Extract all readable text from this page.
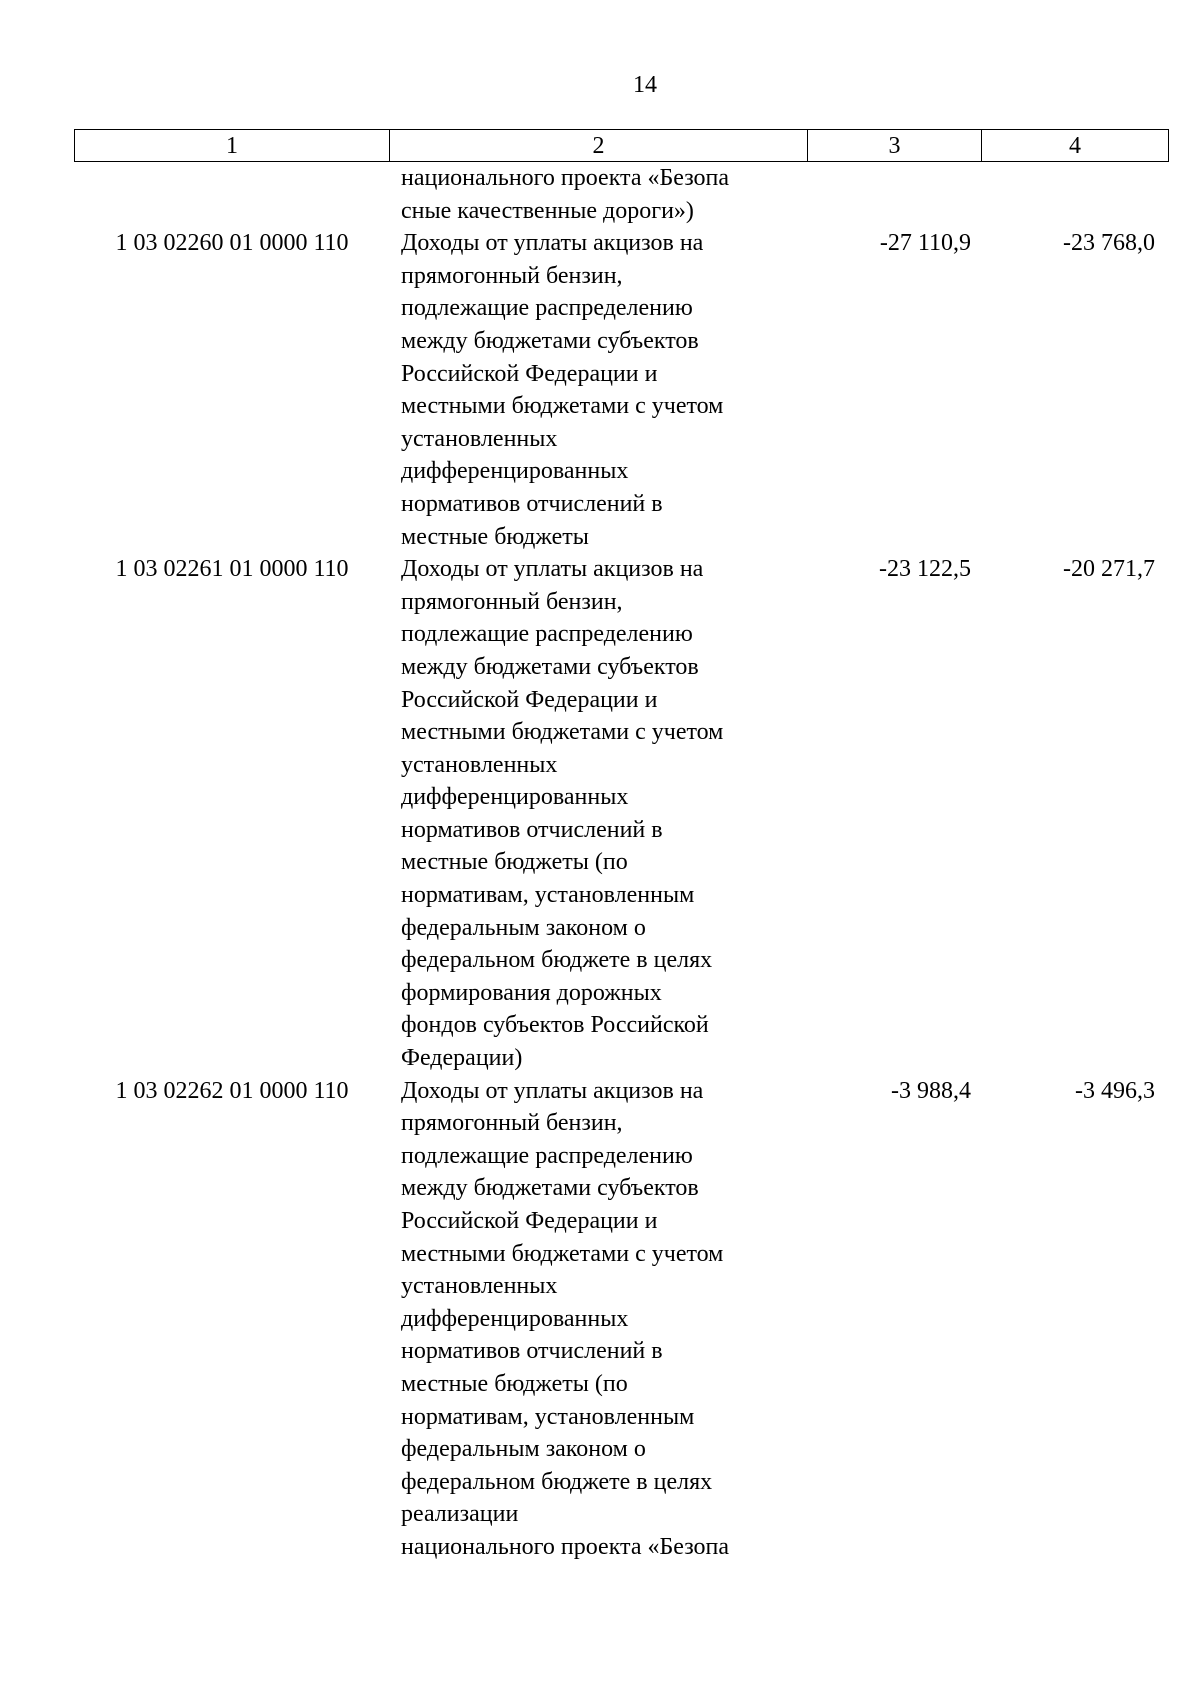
14
1	2	3	4
национального проекта «Безопа
сные качественные дороги»)
1 03 02260 01 0000 110	Доходы от уплаты акцизов на
прямогонный бензин,
подлежащие распределению
между бюджетами субъектов
Российской Федерации и
местными бюджетами с учетом
установленных
дифференцированных
нормативов отчислений в
местные бюджеты
-27 110,9	-23 768,0
1 03 02261 01 0000 110	Доходы от уплаты акцизов на
прямогонный бензин,
подлежащие распределению
между бюджетами субъектов
Российской Федерации и
местными бюджетами с учетом
установленных
дифференцированных
нормативов отчислений в
местные бюджеты (по
нормативам, установленным
федеральным законом о
федеральном бюджете в целях
формирования дорожных
фондов субъектов Российской
Федерации)
-23 122,5	-20 271,7
1 03 02262 01 0000 110	Доходы от уплаты акцизов на
прямогонный бензин,
подлежащие распределению
между бюджетами субъектов
Российской Федерации и
местными бюджетами с учетом
установленных
дифференцированных
нормативов отчислений в
местные бюджеты (по
нормативам, установленным
федеральным законом о
федеральном бюджете в целях
реализации
национального проекта «Безопа
-3 988,4	-3 496,3
